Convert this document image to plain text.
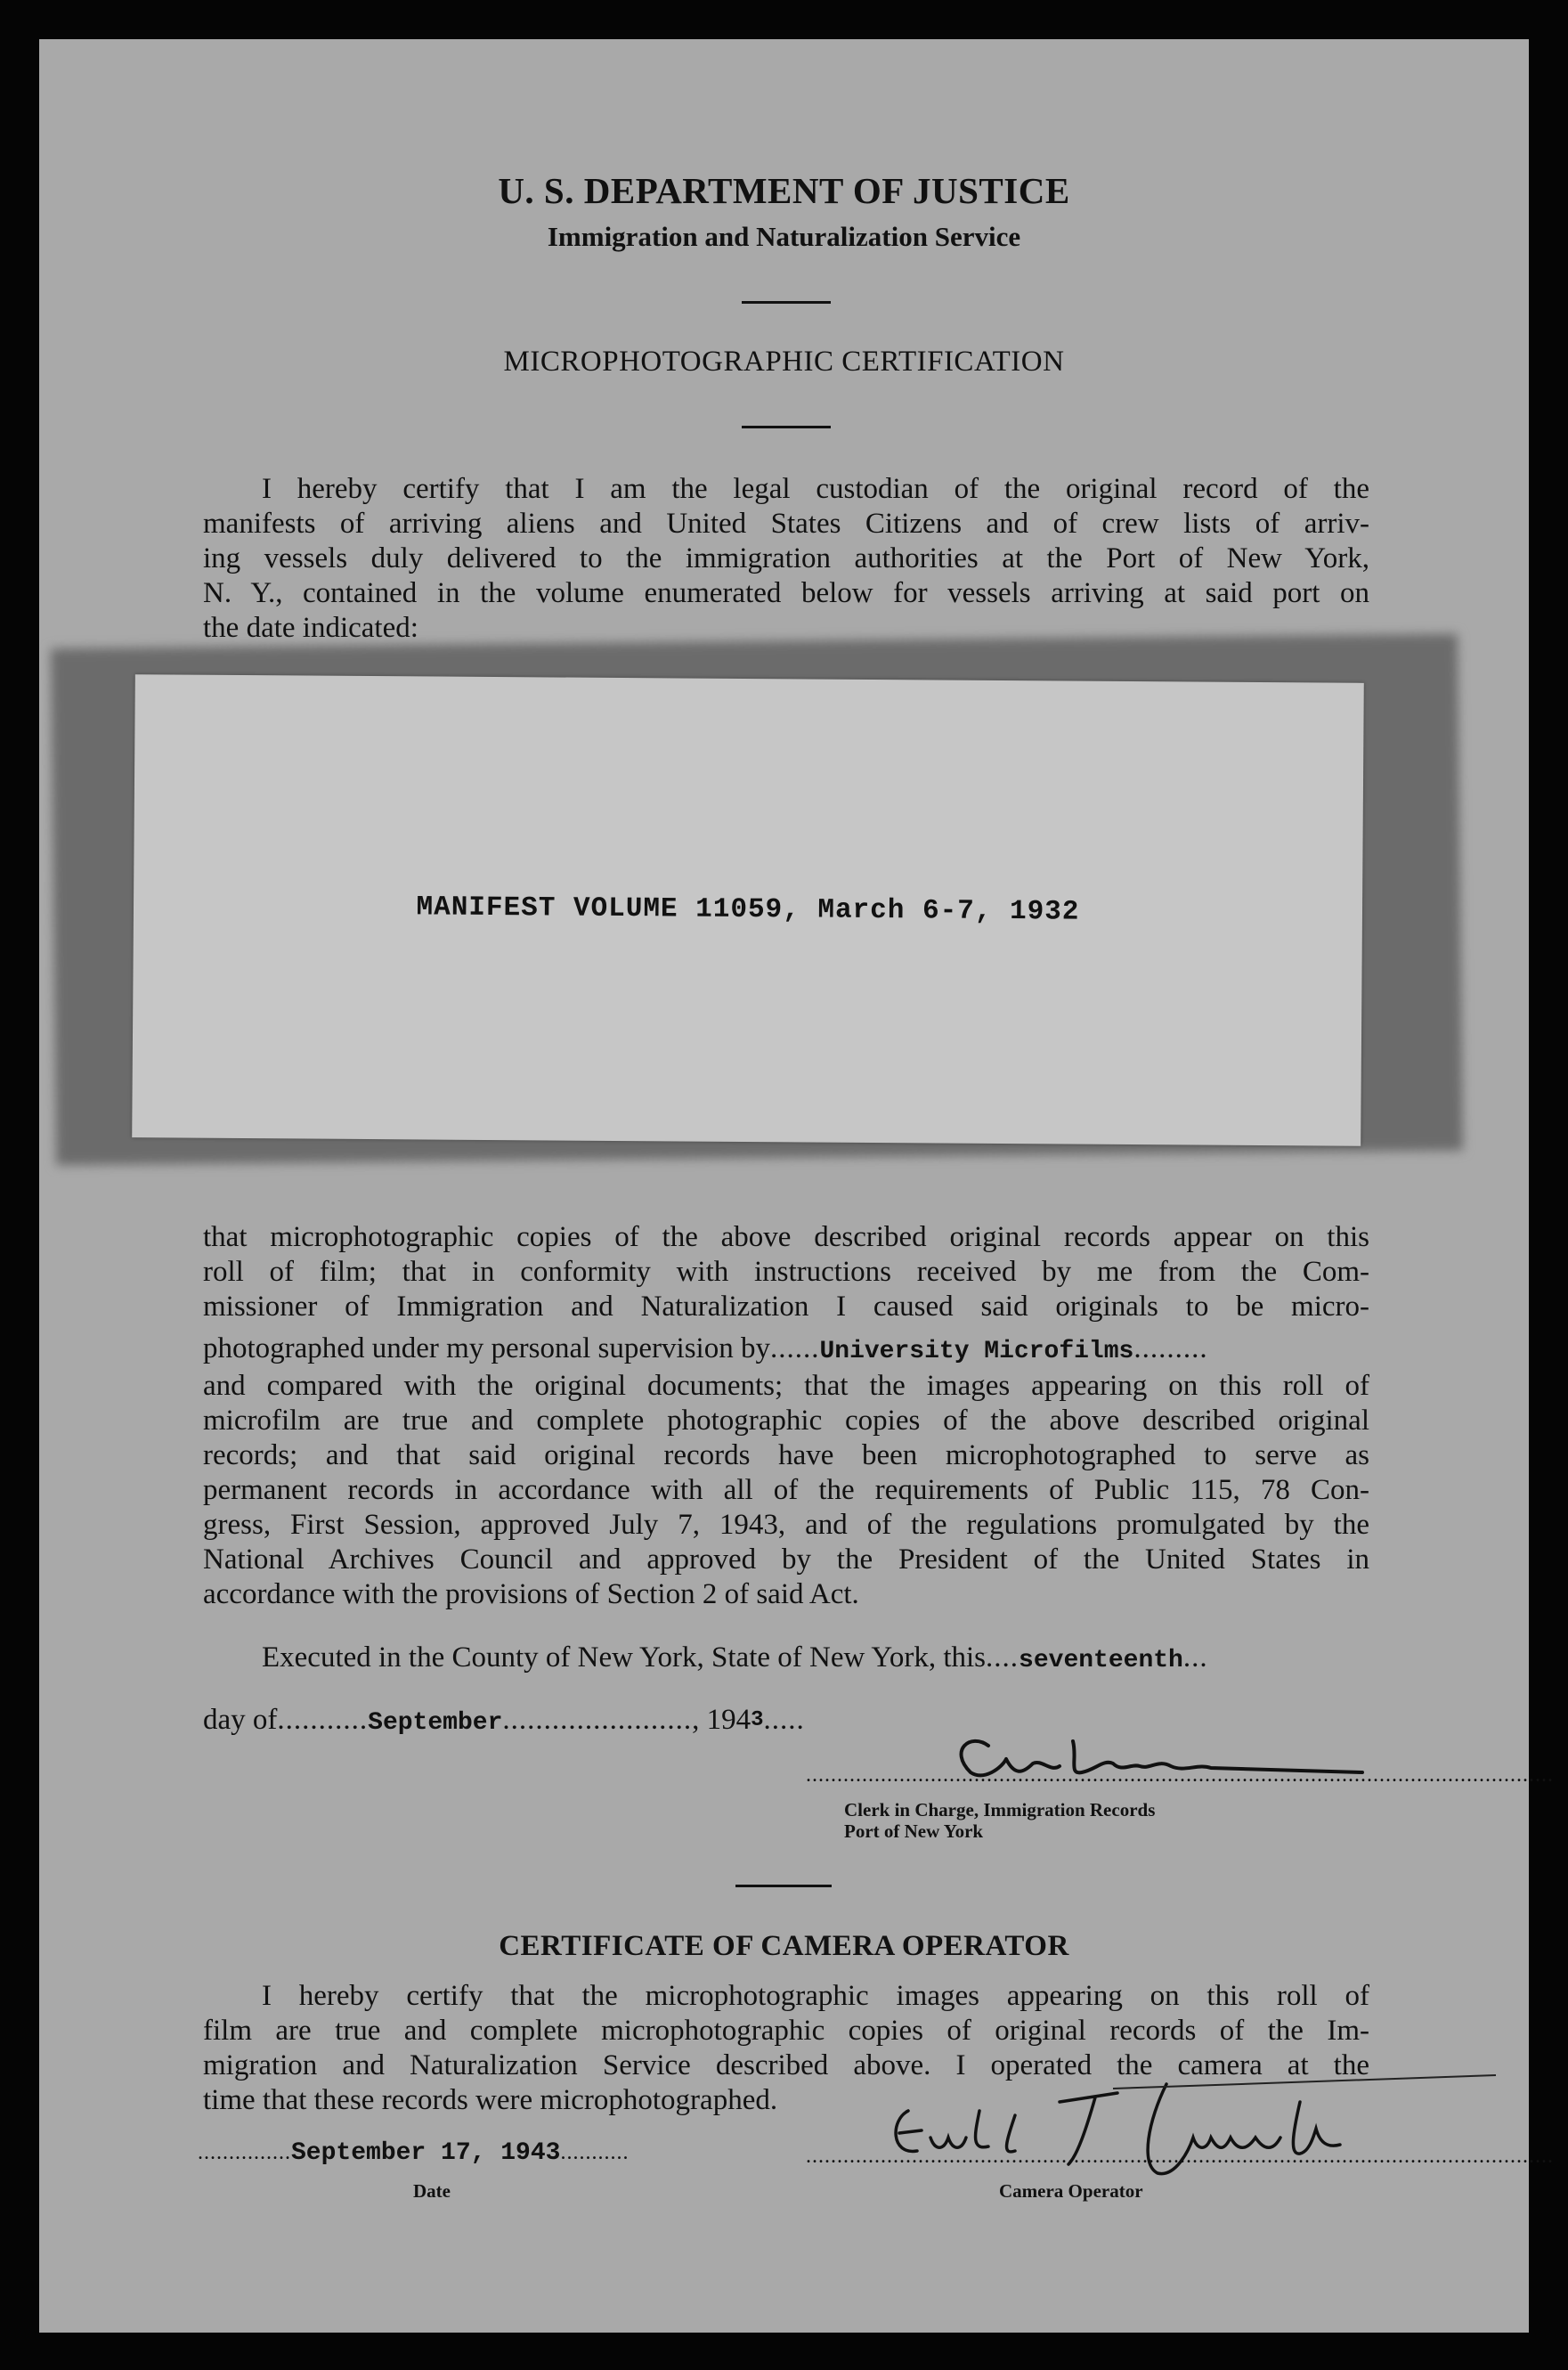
U. S. DEPARTMENT OF JUSTICE
Immigration and Naturalization Service
MICROPHOTOGRAPHIC CERTIFICATION
I hereby certify that I am the legal custodian of the original record of the
manifests of arriving aliens and United States Citizens and of crew lists of arriv-
ing vessels duly delivered to the immigration authorities at the Port of New York,
N. Y., contained in the volume enumerated below for vessels arriving at said port on
the date indicated:
MANIFEST VOLUME 11059, March 6-7, 1932
that microphotographic copies of the above described original records appear on this
roll of film; that in conformity with instructions received by me from the Com-
missioner of Immigration and Naturalization I caused said originals to be micro-
photographed under my personal supervision by......University Microfilms.........
and compared with the original documents; that the images appearing on this roll of
microfilm are true and complete photographic copies of the above described original
records; and that said original records have been microphotographed to serve as
permanent records in accordance with all of the requirements of Public 115, 78 Con-
gress, First Session, approved July 7, 1943, and of the regulations promulgated by the
National Archives Council and approved by the President of the United States in
accordance with the provisions of Section 2 of said Act.
Executed in the County of New York, State of New York, this....seventeenth...
day of...........September......................., $194^3$.....
........................................................................................................................
Clerk in Charge, Immigration Records
Port of New York
CERTIFICATE OF CAMERA OPERATOR
I hereby certify that the microphotographic images appearing on this roll of
film are true and complete microphotographic copies of original records of the Im-
migration and Naturalization Service described above. I operated the camera at the
time that these records were microphotographed.
...............September 17, 1943...........
Date
........................................................................................................................
Camera Operator
